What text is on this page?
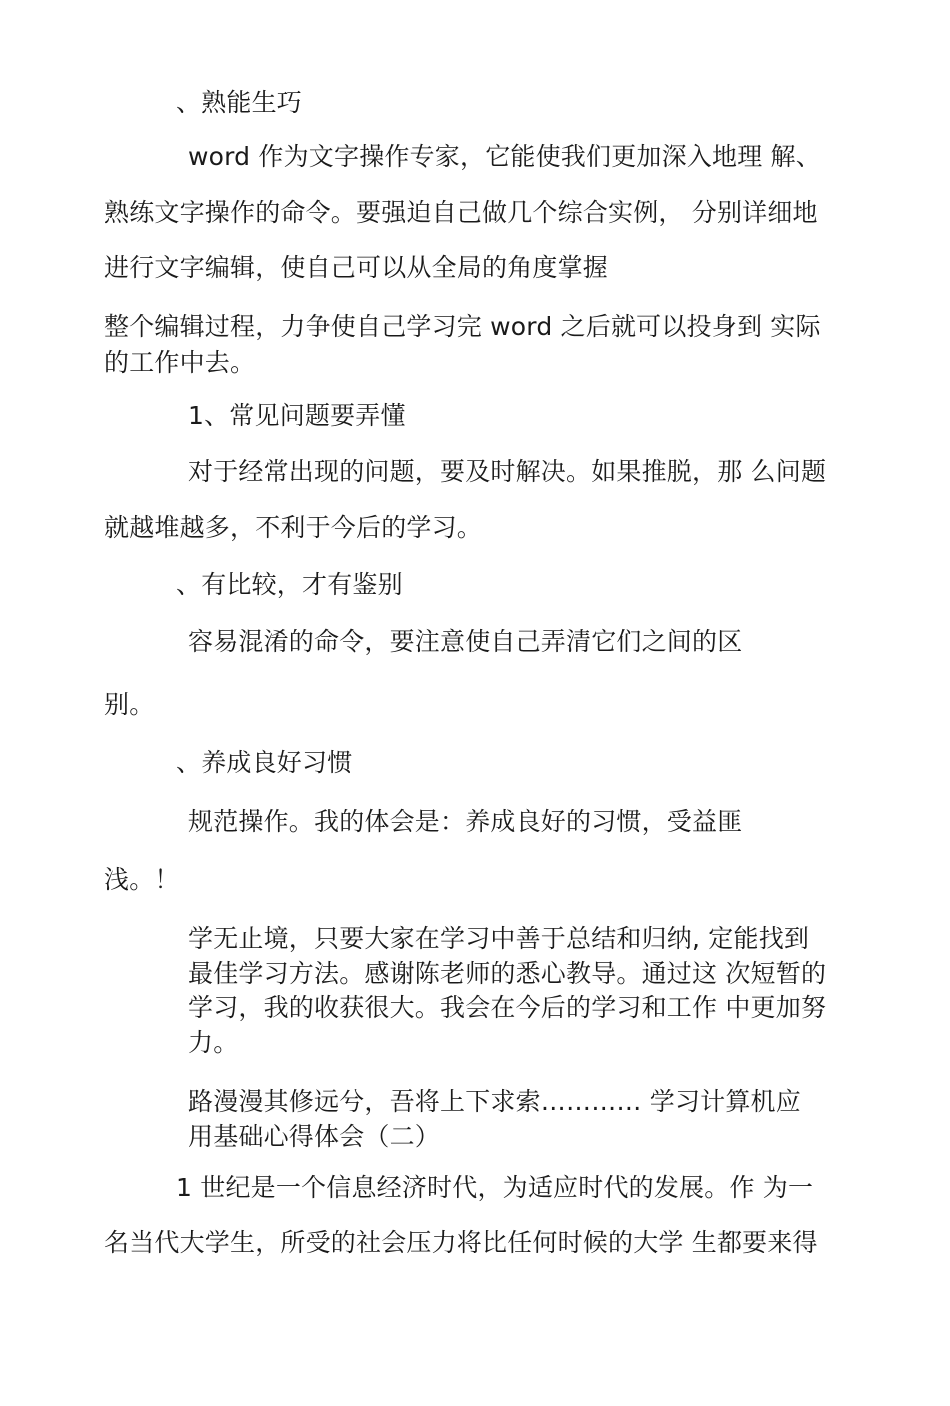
、熟能生巧

word 作为文字操作专家，它能使我们更加深入地理 解、

熟练文字操作的命令。要强迫自己做几个综合实例， 分别详细地

进行文字编辑，使自己可以从全局的角度掌握

整个编辑过程，力争使自己学习完 word 之后就可以投身到 实际

的工作中去。

1、常见问题要弄懂

对于经常出现的问题，要及时解决。如果推脱，那 么问题

就越堆越多，不利于今后的学习。

、有比较，才有鉴别

容易混淆的命令，要注意使自己弄清它们之间的区

别。

、养成良好习惯

规范操作。我的体会是：养成良好的习惯，受益匪

浅。！

学无止境，只要大家在学习中善于总结和归纳, 定能找到

最佳学习方法。感谢陈老师的悉心教导。通过这 次短暂的

学习，我的收获很大。我会在今后的学习和工作 中更加努

力。

路漫漫其修远兮，吾将上下求索………… 学习计算机应

用基础心得体会（二）

1 世纪是一个信息经济时代，为适应时代的发展。作 为一

名当代大学生，所受的社会压力将比任何时候的大学 生都要来得
